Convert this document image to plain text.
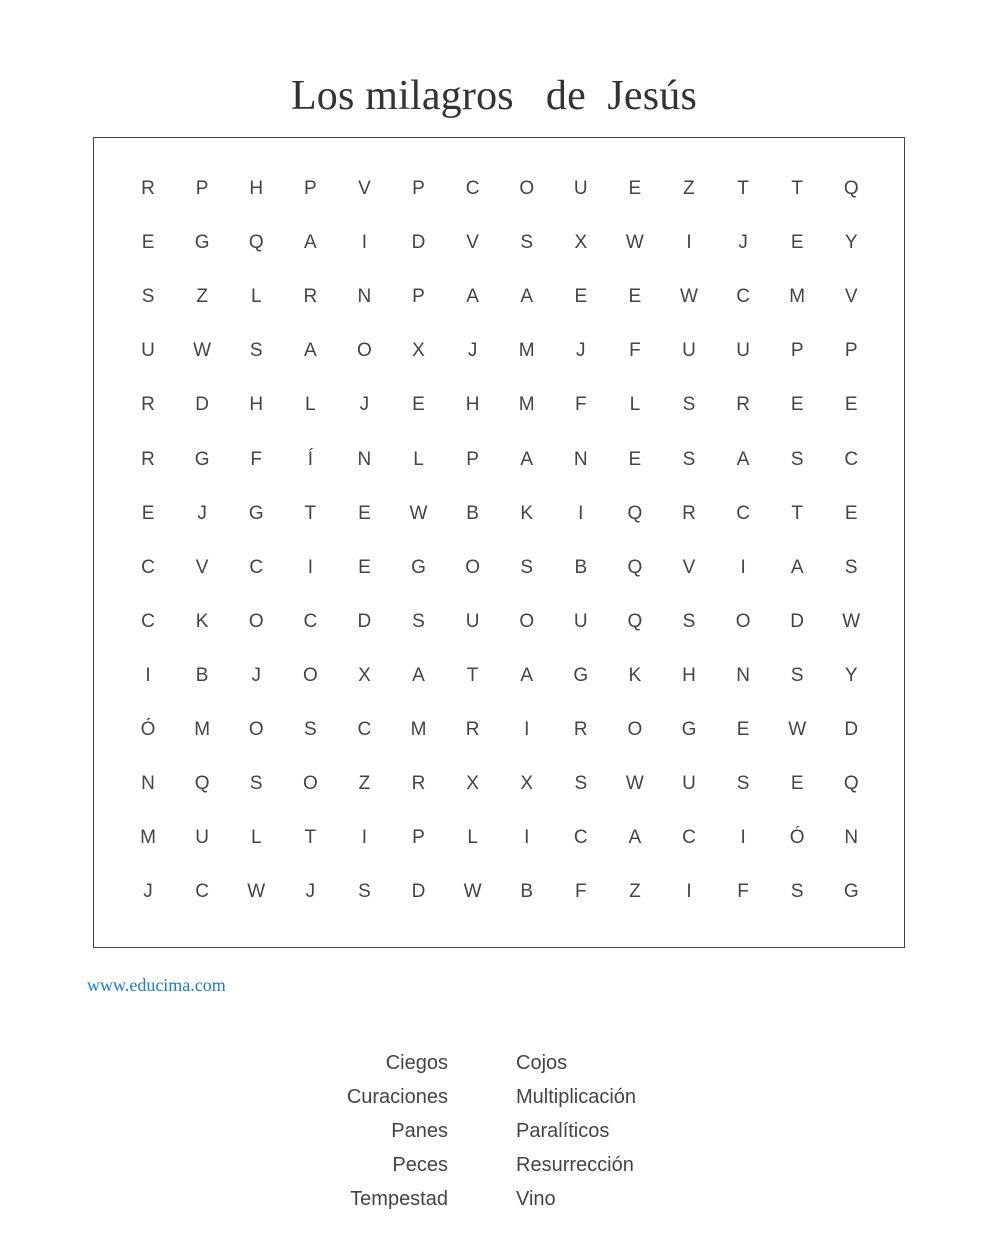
Los milagros   de  Jesús
R	P	H	P	V	P	C	O	U	E	Z	T	T	Q
E	G	Q	A	I	D	V	S	X	W	I	J	E	Y
S	Z	L	R	N	P	A	A	E	E	W	C	M	V
U	W	S	A	O	X	J	M	J	F	U	U	P	P
R	D	H	L	J	E	H	M	F	L	S	R	E	E
R	G	F	Í	N	L	P	A	N	E	S	A	S	C
E	J	G	T	E	W	B	K	I	Q	R	C	T	E
C	V	C	I	E	G	O	S	B	Q	V	I	A	S
C	K	O	C	D	S	U	O	U	Q	S	O	D	W
I	B	J	O	X	A	T	A	G	K	H	N	S	Y
Ó	M	O	S	C	M	R	I	R	O	G	E	W	D
N	Q	S	O	Z	R	X	X	S	W	U	S	E	Q
M	U	L	T	I	P	L	I	C	A	C	I	Ó	N
J	C	W	J	S	D	W	B	F	Z	I	F	S	G
www.educima.com
Ciegos
Curaciones
Panes
Peces
Tempestad
Cojos
Multiplicación
Paralíticos
Resurrección
Vino
